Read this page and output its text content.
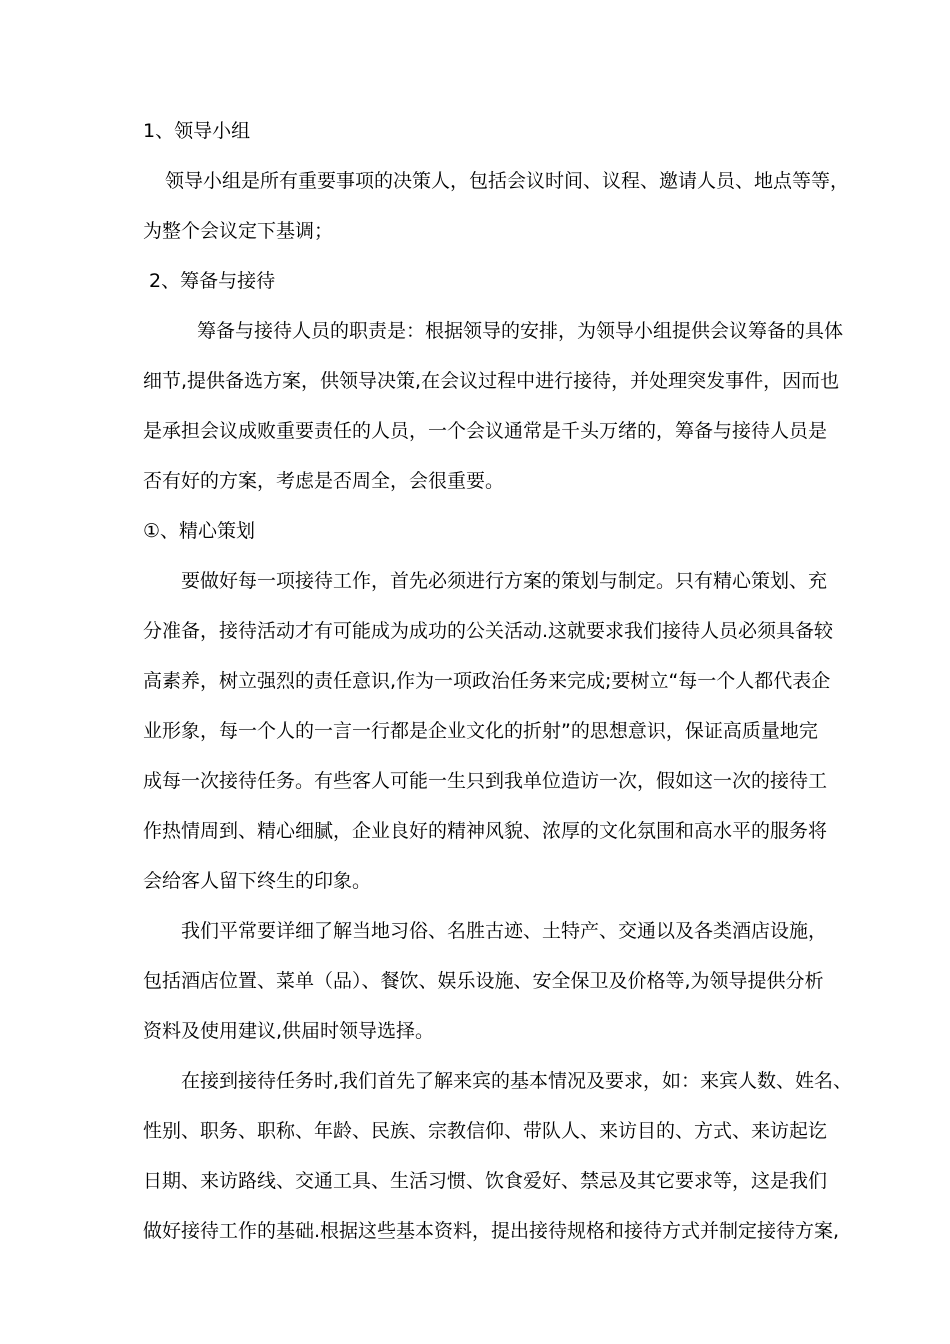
1、领导小组
领导小组是所有重要事项的决策人，包括会议时间、议程、邀请人员、地点等等，
为整个会议定下基调；
2、筹备与接待
筹备与接待人员的职责是：根据领导的安排，为领导小组提供会议筹备的具体
细节,提供备选方案，供领导决策,在会议过程中进行接待，并处理突发事件，因而也
是承担会议成败重要责任的人员，一个会议通常是千头万绪的，筹备与接待人员是
否有好的方案，考虑是否周全，会很重要。
①、精心策划
要做好每一项接待工作，首先必须进行方案的策划与制定。只有精心策划、充
分准备，接待活动才有可能成为成功的公关活动.这就要求我们接待人员必须具备较
高素养，树立强烈的责任意识,作为一项政治任务来完成;要树立“每一个人都代表企
业形象，每一个人的一言一行都是企业文化的折射”的思想意识，保证高质量地完
成每一次接待任务。有些客人可能一生只到我单位造访一次，假如这一次的接待工
作热情周到、精心细腻，企业良好的精神风貌、浓厚的文化氛围和高水平的服务将
会给客人留下终生的印象。
我们平常要详细了解当地习俗、名胜古迹、土特产、交通以及各类酒店设施，
包括酒店位置、菜单（品）、餐饮、娱乐设施、安全保卫及价格等,为领导提供分析
资料及使用建议,供届时领导选择。
在接到接待任务时,我们首先了解来宾的基本情况及要求，如：来宾人数、姓名、
性别、职务、职称、年龄、民族、宗教信仰、带队人、来访目的、方式、来访起讫
日期、来访路线、交通工具、生活习惯、饮食爱好、禁忌及其它要求等，这是我们
做好接待工作的基础.根据这些基本资料，提出接待规格和接待方式并制定接待方案,
